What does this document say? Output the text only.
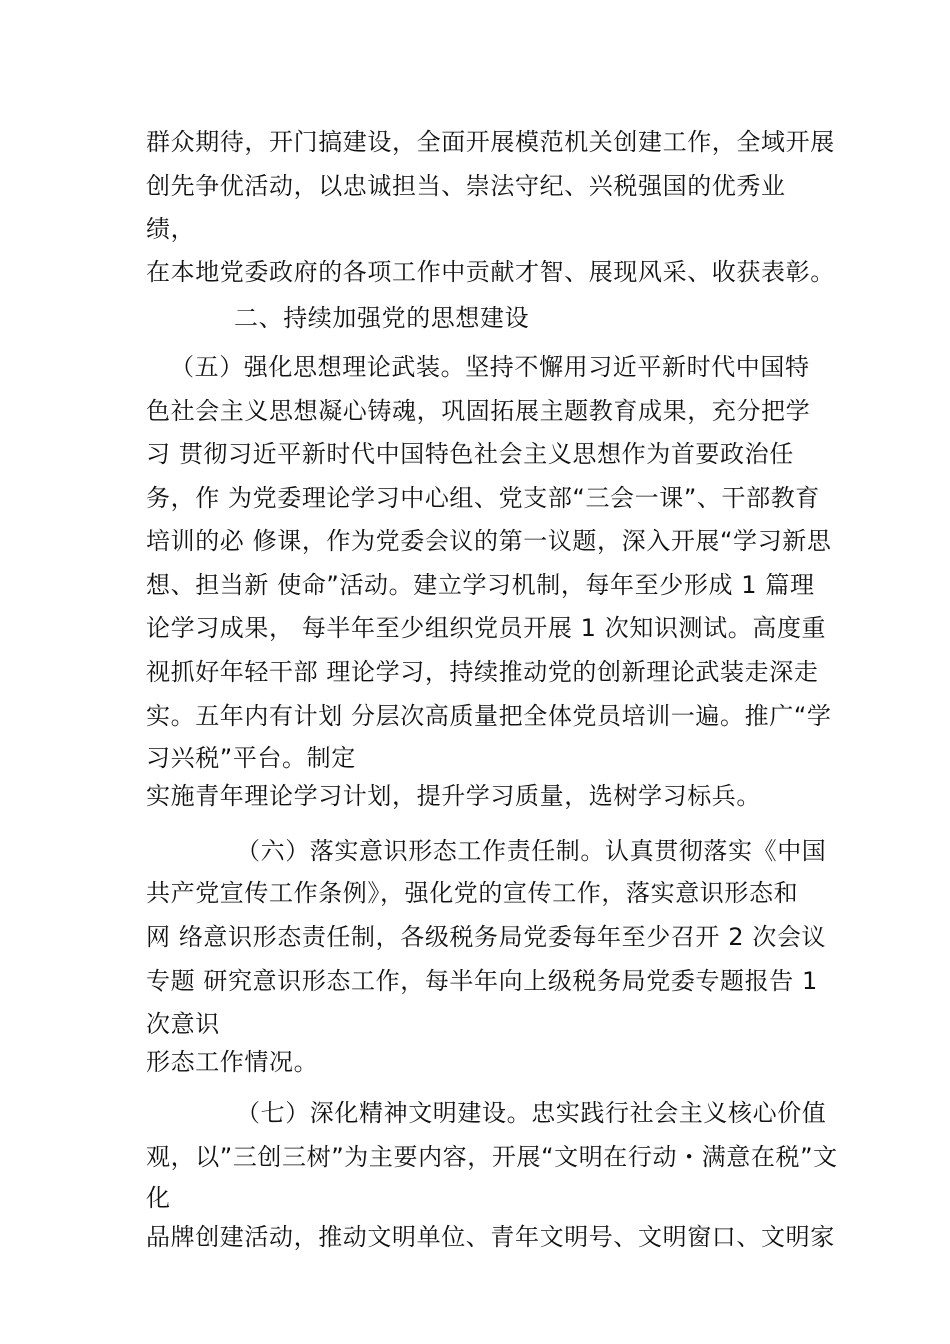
群众期待，开门搞建设，全面开展模范机关创建工作，全域开展
创先争优活动，以忠诚担当、崇法守纪、兴税强国的优秀业
绩，
在本地党委政府的各项工作中贡献才智、展现风采、收获表彰。
二、持续加强党的思想建设
（五）强化思想理论武装。坚持不懈用习近平新时代中国特
色社会主义思想凝心铸魂，巩固拓展主题教育成果，充分把学
习 贯彻习近平新时代中国特色社会主义思想作为首要政治任
务，作 为党委理论学习中心组、党支部“三会一课”、干部教育
培训的必 修课，作为党委会议的第一议题，深入开展“学习新思
想、担当新 使命”活动。建立学习机制，每年至少形成 1 篇理
论学习成果， 每半年至少组织党员开展 1 次知识测试。高度重
视抓好年轻干部 理论学习，持续推动党的创新理论武装走深走
实。五年内有计划 分层次高质量把全体党员培训一遍。推广“学
习兴税”平台。制定
实施青年理论学习计划，提升学习质量，选树学习标兵。
（六）落实意识形态工作责任制。认真贯彻落实《中国
共产党宣传工作条例》，强化党的宣传工作，落实意识形态和
网 络意识形态责任制，各级税务局党委每年至少召开 2 次会议
专题 研究意识形态工作，每半年向上级税务局党委专题报告 1
次意识
形态工作情况。
（七）深化精神文明建设。忠实践行社会主义核心价值
观，以”三创三树”为主要内容，开展“文明在行动・满意在税”文
化
品牌创建活动，推动文明单位、青年文明号、文明窗口、文明家
